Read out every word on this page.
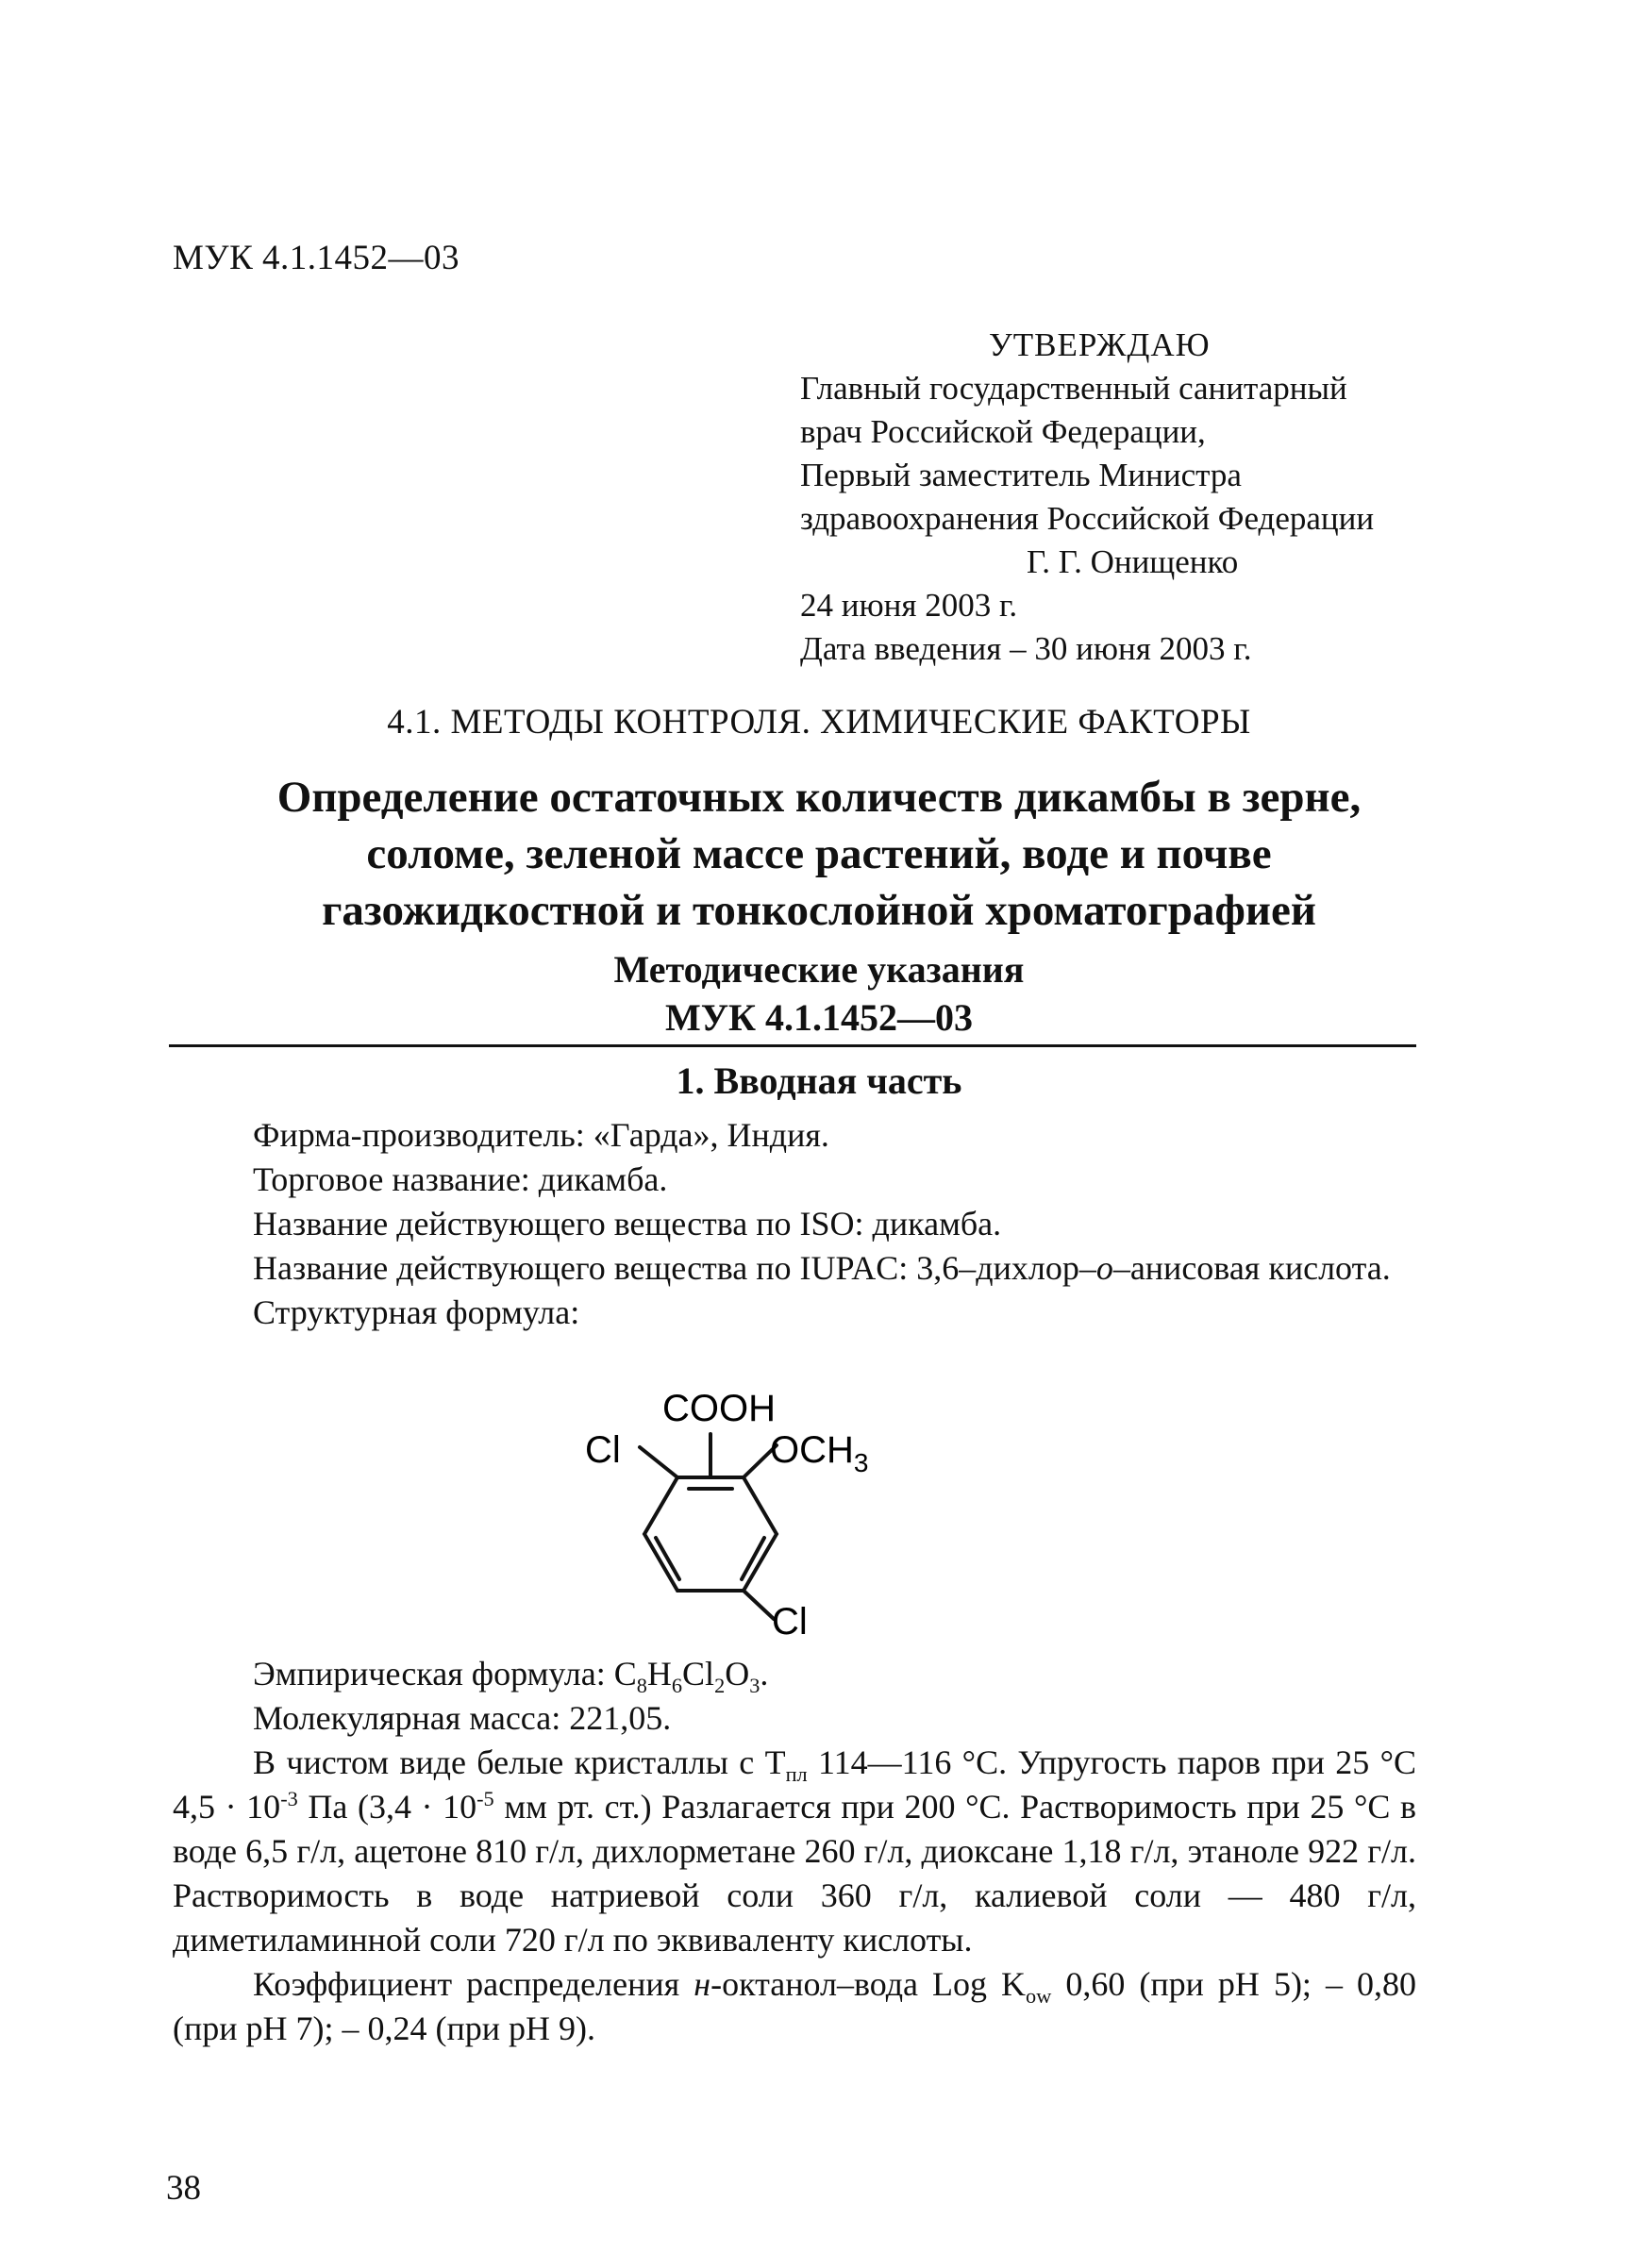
МУК 4.1.1452—03
УТВЕРЖДАЮ
Главный государственный санитарный
врач Российской Федерации,
Первый заместитель Министра
здравоохранения Российской Федерации
Г. Г. Онищенко
24 июня 2003 г.
Дата введения – 30 июня 2003 г.
4.1. МЕТОДЫ КОНТРОЛЯ. ХИМИЧЕСКИЕ ФАКТОРЫ
Определение остаточных количеств дикамбы в зерне,
соломе, зеленой массе растений, воде и почве
газожидкостной и тонкослойной хроматографией
Методические указания
МУК 4.1.1452—03
1. Вводная часть
Фирма-производитель: «Гарда», Индия.
Торговое название: дикамба.
Название действующего вещества по ISO: дикамба.
Название действующего вещества по IUPAC: 3,6–дихлор–о–анисовая кислота.
Структурная формула:
COOH
Cl	$OCH_3$
Cl
Эмпирическая формула: $C_8H_6Cl_2O_3$.
Молекулярная масса: 221,05.
В чистом виде белые кристаллы с $T_{пл}$ 114—116 °С. Упругость паров при 25 °С $4,5 \cdot 10^{-3}$ Па ($3,4 \cdot 10^{-5}$ мм рт. ст.) Разлагается при 200 °С. Растворимость при 25 °С в воде 6,5 г/л, ацетоне 810 г/л, дихлорметане 260 г/л, диоксане 1,18 г/л, этаноле 922 г/л. Растворимость в воде натриевой соли 360 г/л, калиевой соли — 480 г/л, диметиламинной соли 720 г/л по эквиваленту кислоты.
Коэффициент распределения н-октанол–вода Log $K_{ow}$ 0,60 (при pH 5); – 0,80 (при pH 7); – 0,24 (при pH 9).
38
